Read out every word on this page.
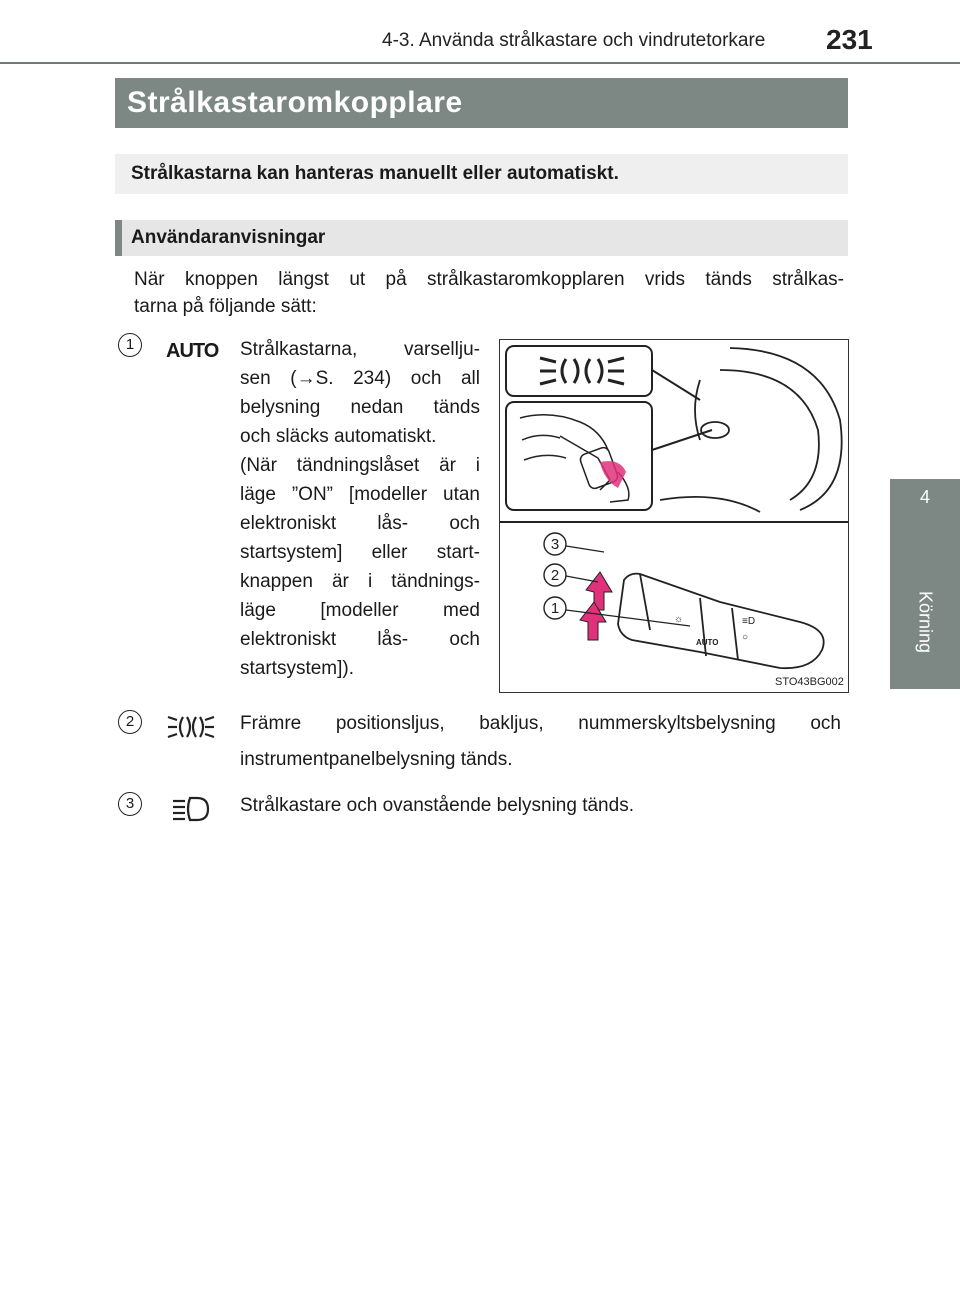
4-3. Använda strålkastare och vindrutetorkare 231
4
Körning
Strålkastaromkopplare
Strålkastarna kan hanteras manuellt eller automatiskt.
Användaranvisningar
När knoppen längst ut på strålkastaromkopplaren vrids tänds strålkas-
tarna på följande sätt:
1	AUTO Strålkastarna, varsellju-
sen (→S. 234) och all
belysning nedan tänds
och släcks automatiskt.
(När tändningslåset är i
läge ”ON” [modeller utan
elektroniskt lås- och
startsystem] eller start-
knappen är i tändnings-
läge [modeller med
elektroniskt lås- och
startsystem]).
☼
AUTO
≡D
○
3
2
1
STO43BG002
2	Främre positionsljus, bakljus, nummerskyltsbelysning och
instrumentpanelbelysning tänds.
3	Strålkastare och ovanstående belysning tänds.
